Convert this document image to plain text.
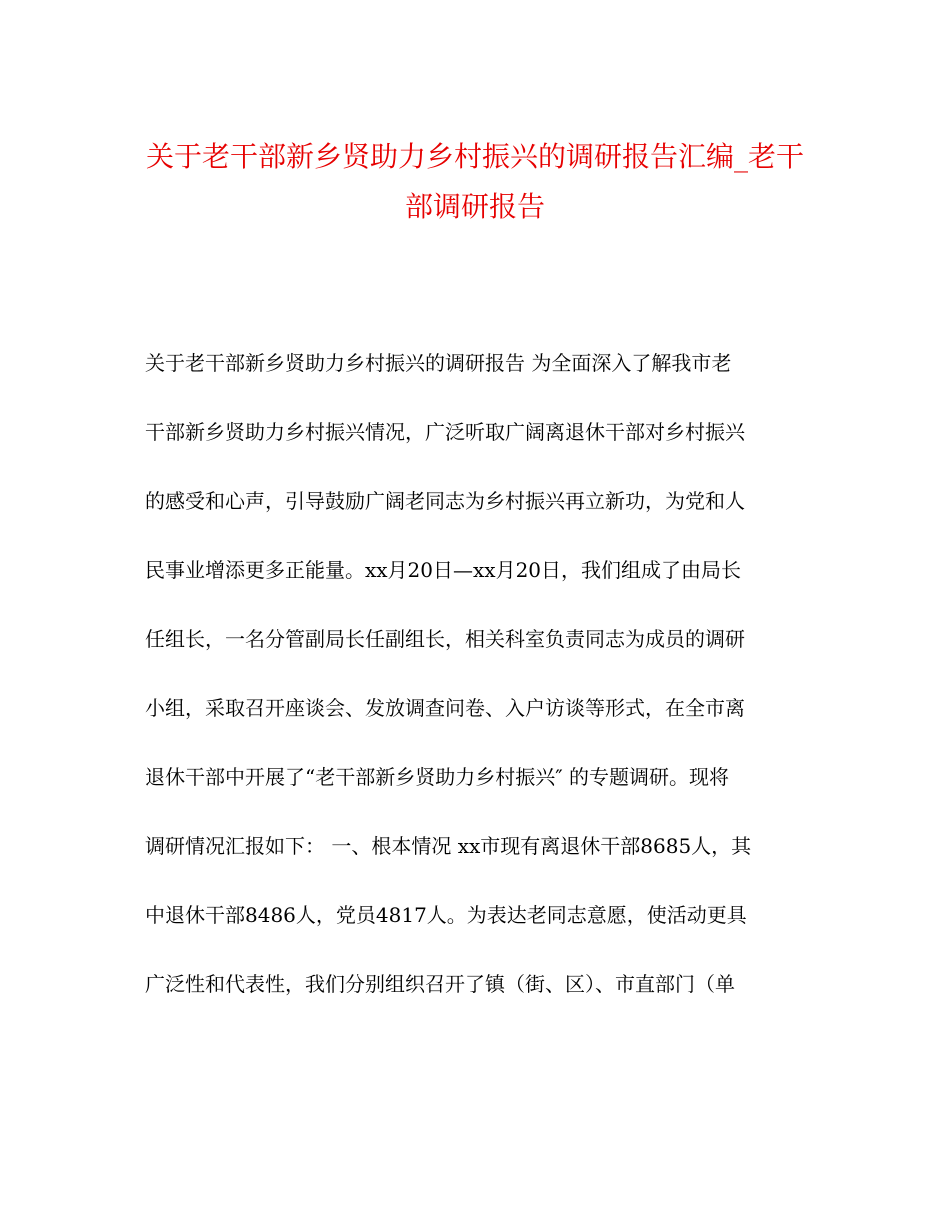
关于老干部新乡贤助力乡村振兴的调研报告汇编_老干
部调研报告
关于老干部新乡贤助力乡村振兴的调研报告 为全面深入了解我市老
干部新乡贤助力乡村振兴情况，广泛听取广阔离退休干部对乡村振兴
的感受和心声，引导鼓励广阔老同志为乡村振兴再立新功，为党和人
民事业增添更多正能量。xx月20日—xx月20日，我们组成了由局长
任组长，一名分管副局长任副组长，相关科室负责同志为成员的调研
小组，采取召开座谈会、发放调查问卷、入户访谈等形式，在全市离
退休干部中开展了“老干部新乡贤助力乡村振兴″ 的专题调研。现将
调研情况汇报如下： 一、根本情况 xx市现有离退休干部8685人，其
中退休干部8486人，党员4817人。为表达老同志意愿，使活动更具
广泛性和代表性，我们分别组织召开了镇（街、区）、市直部门（单
